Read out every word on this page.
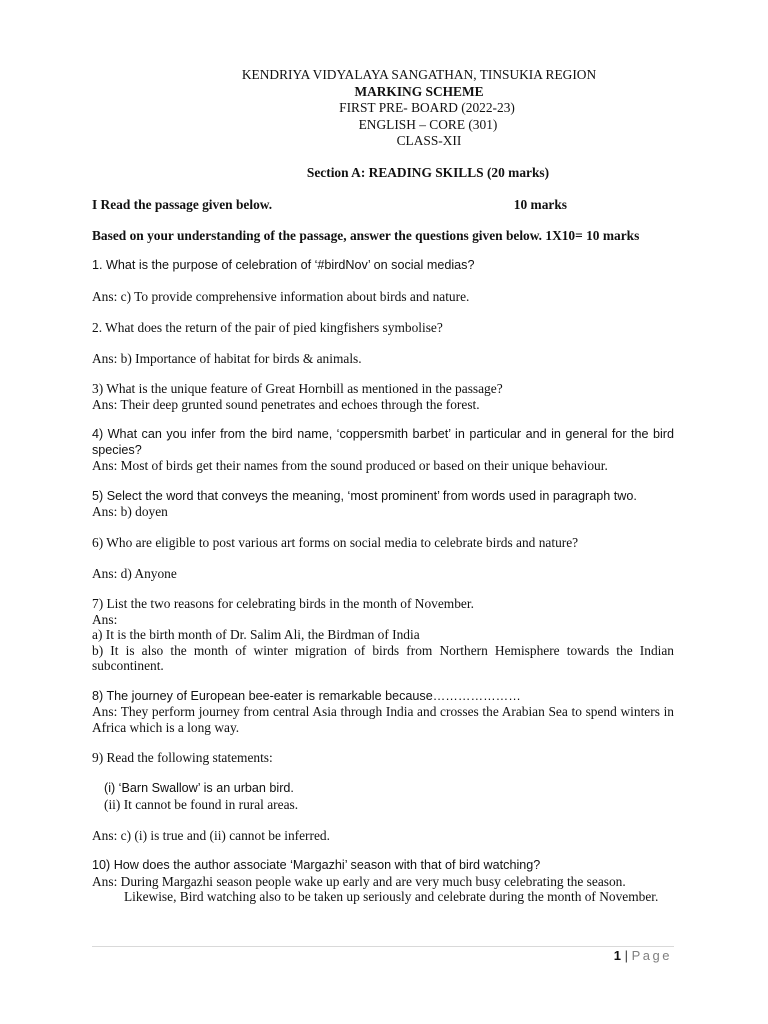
KENDRIYA VIDYALAYA SANGATHAN, TINSUKIA REGION
MARKING SCHEME
FIRST PRE- BOARD (2022-23)
ENGLISH – CORE (301)
CLASS-XII
Section A: READING SKILLS (20 marks)
I Read the passage given below.	10 marks
Based on your understanding of the passage, answer the questions given below. 1X10= 10 marks
1. What is the purpose of celebration of ‘#birdNov’ on social medias?
Ans: c) To provide comprehensive information about birds and nature.
2. What does the return of the pair of pied kingfishers symbolise?
Ans: b) Importance of habitat for birds & animals.
3) What is the unique feature of Great Hornbill as mentioned in the passage?
Ans: Their deep grunted sound penetrates and echoes through the forest.
4) What can you infer from the bird name, ‘coppersmith barbet’ in particular and in general for the bird species?
Ans: Most of birds get their names from the sound produced or based on their unique behaviour.
5) Select the word that conveys the meaning, ‘most prominent’ from words used in paragraph two.
Ans: b) doyen
6) Who are eligible to post various art forms on social media to celebrate birds and nature?
Ans: d) Anyone
7) List the two reasons for celebrating birds in the month of November.
Ans:
a) It is the birth month of Dr. Salim Ali, the Birdman of India
b) It is also the month of winter migration of birds from Northern Hemisphere towards the Indian subcontinent.
8) The journey of European bee-eater is remarkable because…………………
Ans: They perform journey from central Asia through India and crosses the Arabian Sea to spend winters in Africa which is a long way.
9) Read the following statements:
(i) ‘Barn Swallow’ is an urban bird.
(ii) It cannot be found in rural areas.
Ans: c) (i) is true and (ii) cannot be inferred.
10) How does the author associate ‘Margazhi’ season with that of bird watching?
Ans: During Margazhi season people wake up early and are very much busy celebrating the season. Likewise, Bird watching also to be taken up seriously and celebrate during the month of November.
1 | Page
